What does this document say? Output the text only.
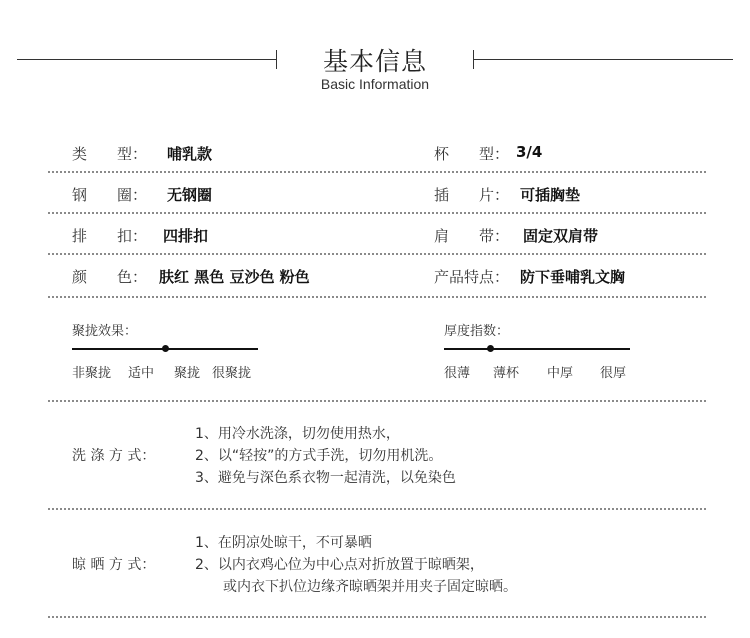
基本信息
Basic Information
类　　型： 哺乳款	杯　　型： 3/4
钢　　圈： 无钢圈	插　　片： 可插胸垫
排　　扣： 四排扣	肩　　带： 固定双肩带
颜　　色： 肤红 黑色 豆沙色 粉色	产品特点： 防下垂哺乳文胸
聚拢效果：
非聚拢 适中 聚拢 很聚拢
厚度指数：
很薄 薄杯 中厚 很厚
洗 涤 方 式：
1、用冷水洗涤，切勿使用热水，
2、以“轻按”的方式手洗，切勿用机洗。
3、避免与深色系衣物一起清洗，以免染色
晾 晒 方 式：
1、在阴凉处晾干，不可暴晒
2、以内衣鸡心位为中心点对折放置于晾晒架，
　　或内衣下扒位边缘齐晾晒架并用夹子固定晾晒。
